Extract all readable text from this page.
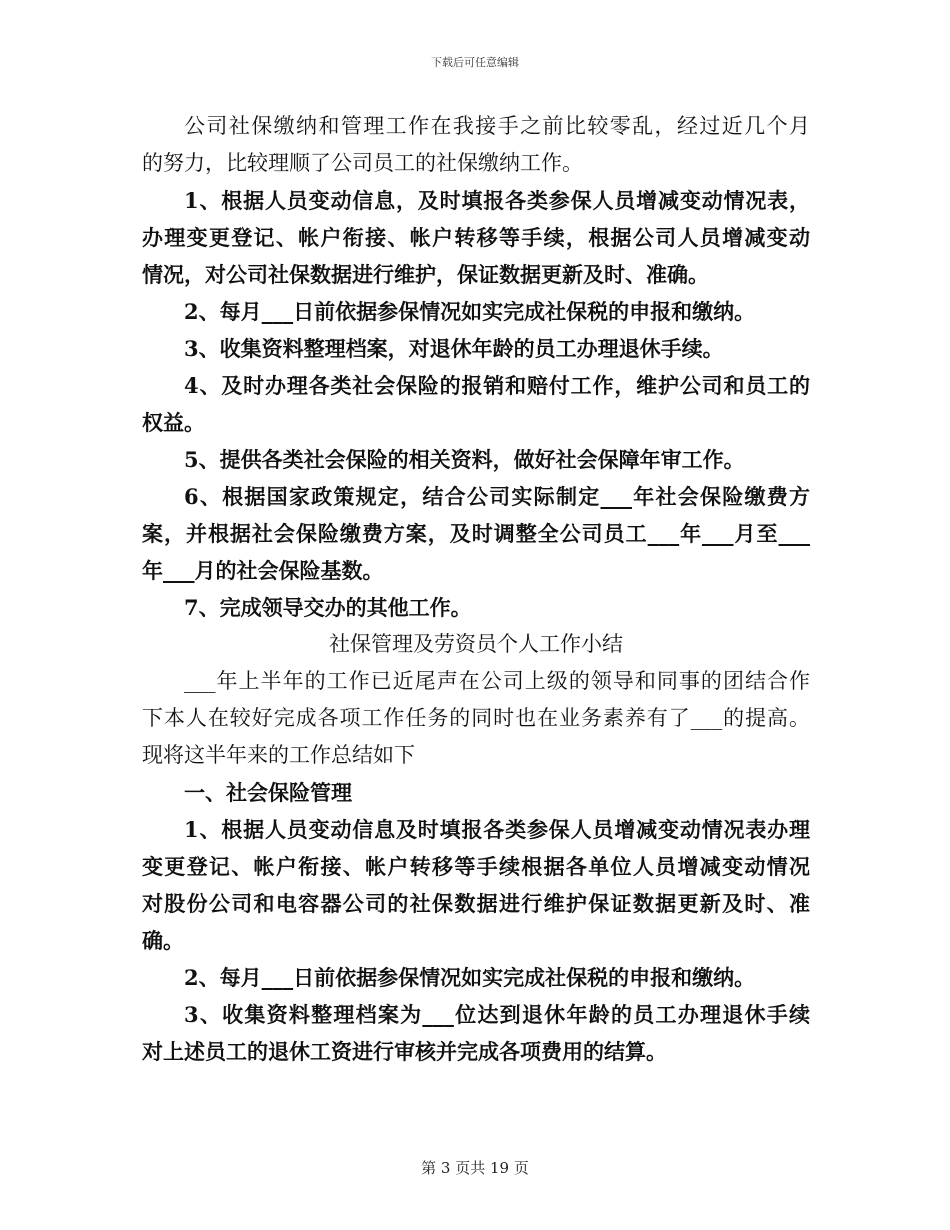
下载后可任意编辑
公司社保缴纳和管理工作在我接手之前比较零乱，经过近几个月
的努力，比较理顺了公司员工的社保缴纳工作。
1、根据人员变动信息，及时填报各类参保人员增减变动情况表，
办理变更登记、帐户衔接、帐户转移等手续，根据公司人员增减变动
情况，对公司社保数据进行维护，保证数据更新及时、准确。
2、每月___日前依据参保情况如实完成社保税的申报和缴纳。
3、收集资料整理档案，对退休年龄的员工办理退休手续。
4、及时办理各类社会保险的报销和赔付工作，维护公司和员工的
权益。
5、提供各类社会保险的相关资料，做好社会保障年审工作。
6、根据国家政策规定，结合公司实际制定___年社会保险缴费方
案，并根据社会保险缴费方案，及时调整全公司员工___年___月至___
年___月的社会保险基数。
7、完成领导交办的其他工作。
社保管理及劳资员个人工作小结
___年上半年的工作已近尾声在公司上级的领导和同事的团结合作
下本人在较好完成各项工作任务的同时也在业务素养有了___的提高。
现将这半年来的工作总结如下
一、社会保险管理
1、根据人员变动信息及时填报各类参保人员增减变动情况表办理
变更登记、帐户衔接、帐户转移等手续根据各单位人员增减变动情况
对股份公司和电容器公司的社保数据进行维护保证数据更新及时、准
确。
2、每月___日前依据参保情况如实完成社保税的申报和缴纳。
3、收集资料整理档案为___位达到退休年龄的员工办理退休手续
对上述员工的退休工资进行审核并完成各项费用的结算。
第 3 页共 19 页
